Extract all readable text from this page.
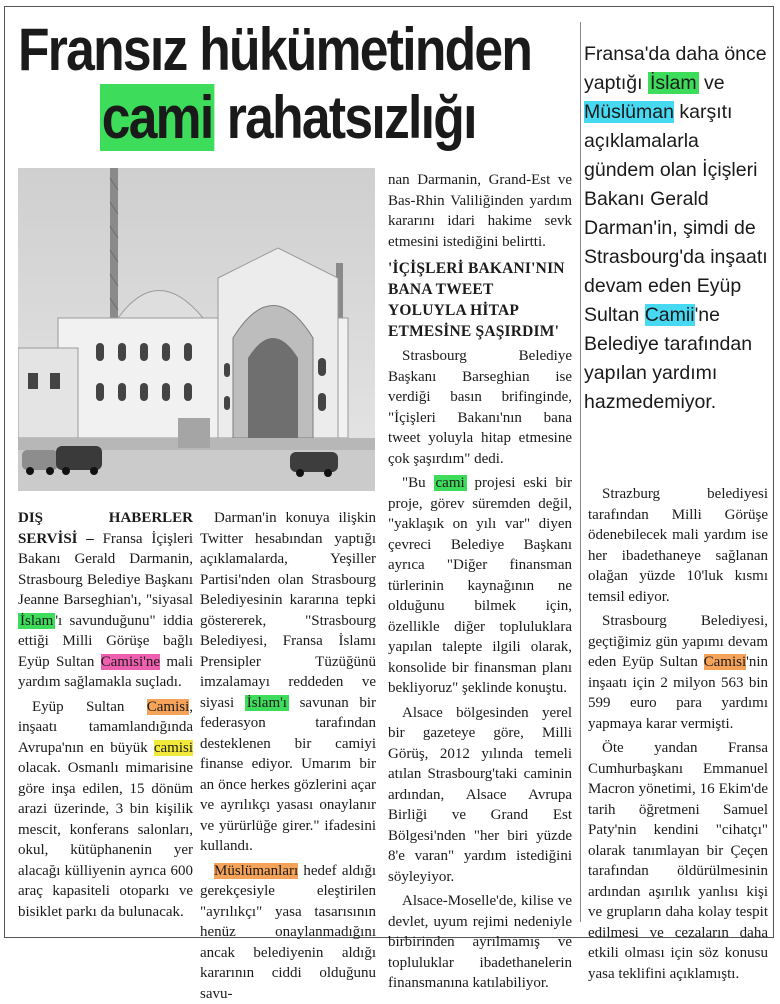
Fransız hükümetinden
cami rahatsızlığı

DIŞ HABERLER SERVİSİ – Fransa İçişleri Bakanı Gerald Darmanin, Strasbourg Belediye Başkanı Jeanne Barseghian'ı, "siyasal İslam 'ı savunduğunu" iddia ettiği Milli Görüşe bağlı Eyüp Sultan Camisi'ne mali yardım sağlamakla suçladı.

Eyüp Sultan Camisi, inşaatı tamamlandığında Avrupa'nın en büyük camisi olacak. Osmanlı mimarisine göre inşa edilen, 15 dönüm arazi üzerinde, 3 bin kişilik mescit, konferans salonları, okul, kütüphanenin yer alacağı külliyenin ayrıca 600 araç kapasiteli otoparkı ve bisiklet parkı da bulunacak.

Darman'in konuya ilişkin Twitter hesabından yaptığı açıklamalarda, Yeşiller Partisi'nden olan Strasbourg Belediyesinin kararına tepki göstererek, "Strasbourg Belediyesi, Fransa İslamı Prensipler Tüzüğünü imzalamayı reddeden ve siyasi İslam'ı savunan bir federasyon tarafından desteklenen bir camiyi finanse ediyor. Umarım bir an önce herkes gözlerini açar ve ayrılıkçı yasası onaylanır ve yürürlüğe girer." ifadesini kullandı.

Müslümanları hedef aldığı gerekçesiyle eleştirilen "ayrılıkçı" yasa tasarısının henüz onaylanmadığını ancak belediyenin aldığı kararının ciddi olduğunu savu-

nan Darmanin, Grand-Est ve Bas-Rhin Valiliğinden yardım kararını idari hakime sevk etmesini istediğini belirtti.

'İÇİŞLERİ BAKANI'NIN BANA TWEET YOLUYLA HİTAP ETMESİNE ŞAŞIRDIM'

Strasbourg Belediye Başkanı Barseghian ise verdiği basın brifinginde, "İçişleri Bakanı'nın bana tweet yoluyla hitap etmesine çok şaşırdım" dedi.

"Bu cami projesi eski bir proje, görev süremden değil, "yaklaşık on yılı var" diyen çevreci Belediye Başkanı ayrıca "Diğer finansman türlerinin kaynağının ne olduğunu bilmek için, özellikle diğer topluluklara yapılan talepte ilgili olarak, konsolide bir finansman planı bekliyoruz" şeklinde konuştu.

Alsace bölgesinden yerel bir gazeteye göre, Milli Görüş, 2012 yılında temeli atılan Strasbourg'taki caminin ardından, Alsace Avrupa Birliği ve Grand Est Bölgesi'nden "her biri yüzde 8'e varan" yardım istediğini söyleyiyor.

Alsace-Moselle'de, kilise ve devlet, uyum rejimi nedeniyle birbirinden ayrılmamış ve topluluklar ibadethanelerin finansmanına katılabiliyor.

Fransa'da daha önce yaptığı İslam ve Müslüman karşıtı açıklamalarla gündem olan İçişleri Bakanı Gerald Darman'in, şimdi de Strasbourg'da inşaatı devam eden Eyüp Sultan Camii'ne Belediye tarafından yapılan yardımı hazmedemiyor.

Strazburg belediyesi tarafından Milli Görüşe ödenebilecek mali yardım ise her ibadethaneye sağlanan olağan yüzde 10'luk kısmı temsil ediyor.

Strasbourg Belediyesi, geçtiğimiz gün yapımı devam eden Eyüp Sultan Camisi'nin inşaatı için 2 milyon 563 bin 599 euro para yardımı yapmaya karar vermişti.

Öte yandan Fransa Cumhurbaşkanı Emmanuel Macron yönetimi, 16 Ekim'de tarih öğretmeni Samuel Paty'nin kendini "cihatçı" olarak tanımlayan bir Çeçen tarafından öldürülmesinin ardından aşırılık yanlısı kişi ve grupların daha kolay tespit edilmesi ve cezaların daha etkili olması için söz konusu yasa teklifini açıklamıştı.
